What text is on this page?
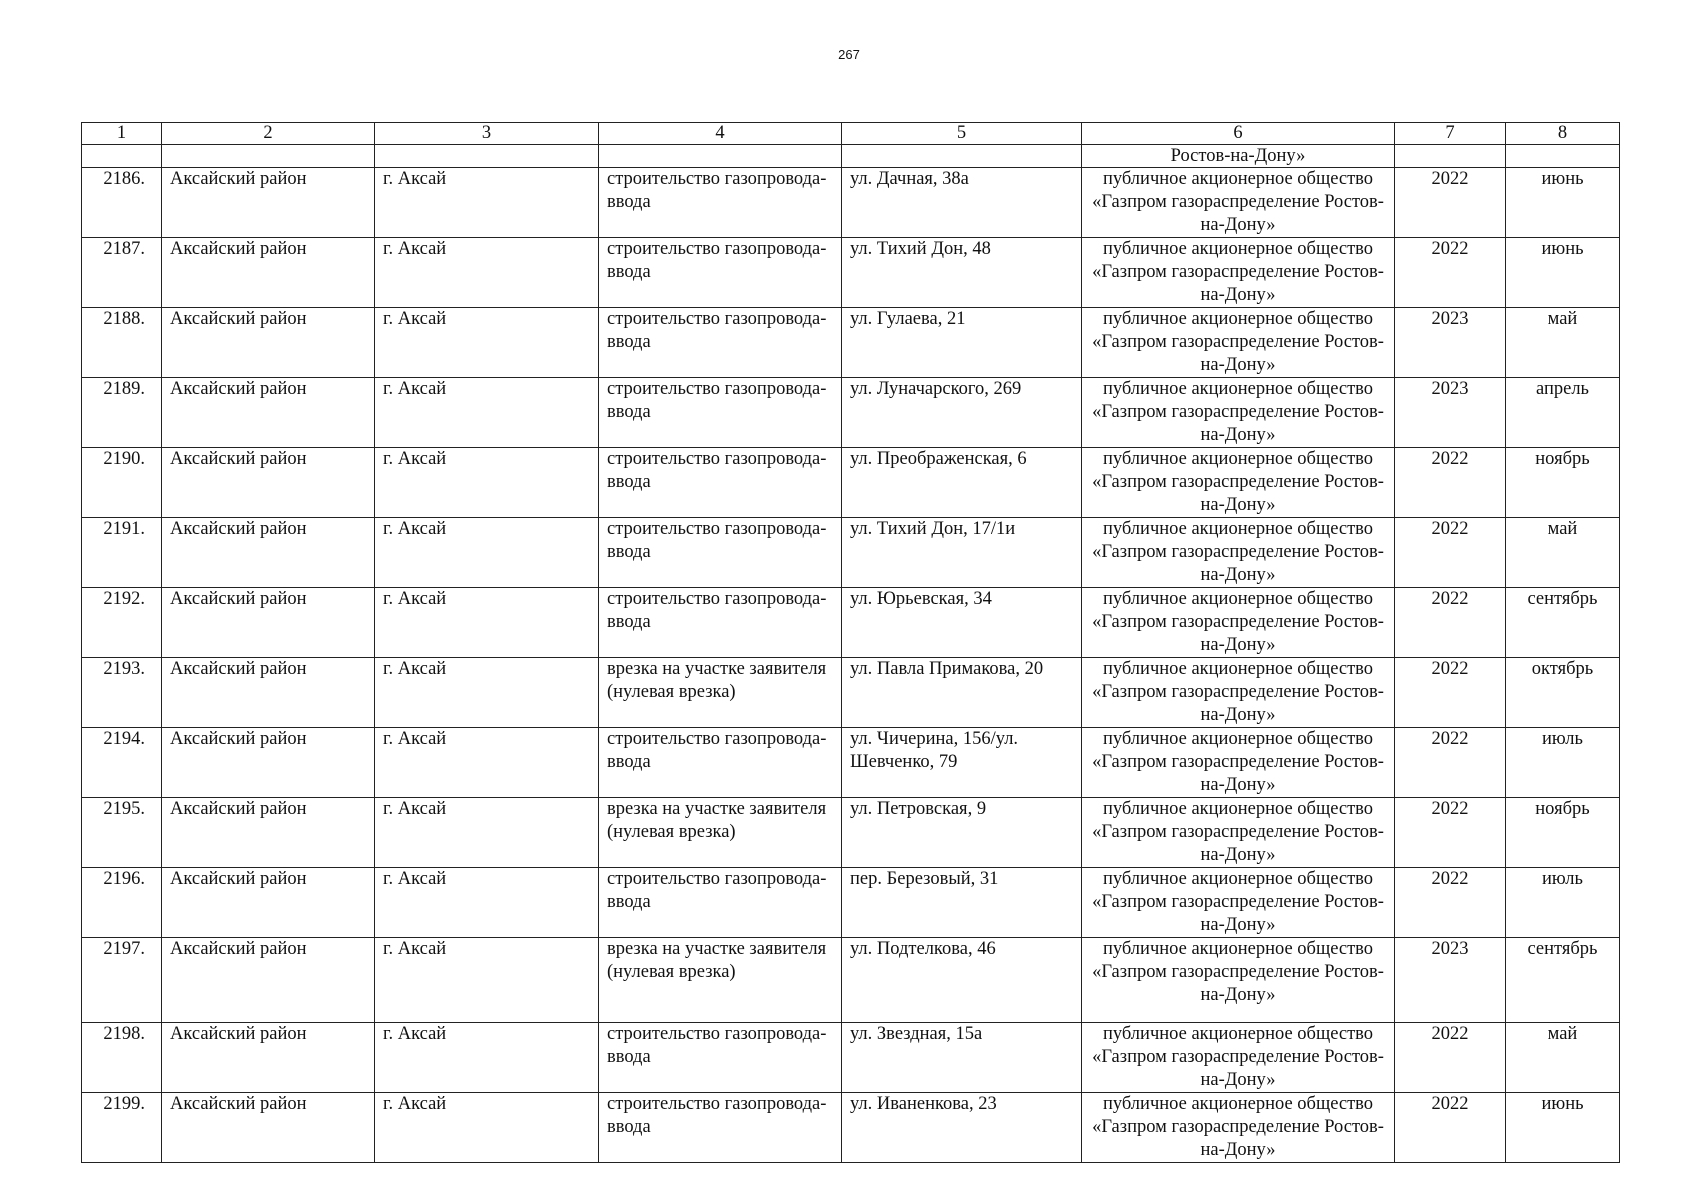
267
1	2	3	4	5	6	7	8
					Ростов-на-Дону»		
2186.	Аксайский район	г. Аксай	строительство газопровода-ввода	ул. Дачная, 38а	публичное акционерное общество «Газпром газораспределение Ростов-на-Дону»	2022	июнь
2187.	Аксайский район	г. Аксай	строительство газопровода-ввода	ул. Тихий Дон, 48	публичное акционерное общество «Газпром газораспределение Ростов-на-Дону»	2022	июнь
2188.	Аксайский район	г. Аксай	строительство газопровода-ввода	ул. Гулаева, 21	публичное акционерное общество «Газпром газораспределение Ростов-на-Дону»	2023	май
2189.	Аксайский район	г. Аксай	строительство газопровода-ввода	ул. Луначарского, 269	публичное акционерное общество «Газпром газораспределение Ростов-на-Дону»	2023	апрель
2190.	Аксайский район	г. Аксай	строительство газопровода-ввода	ул. Преображенская, 6	публичное акционерное общество «Газпром газораспределение Ростов-на-Дону»	2022	ноябрь
2191.	Аксайский район	г. Аксай	строительство газопровода-ввода	ул. Тихий Дон, 17/1и	публичное акционерное общество «Газпром газораспределение Ростов-на-Дону»	2022	май
2192.	Аксайский район	г. Аксай	строительство газопровода-ввода	ул. Юрьевская, 34	публичное акционерное общество «Газпром газораспределение Ростов-на-Дону»	2022	сентябрь
2193.	Аксайский район	г. Аксай	врезка на участке заявителя (нулевая врезка)	ул. Павла Примакова, 20	публичное акционерное общество «Газпром газораспределение Ростов-на-Дону»	2022	октябрь
2194.	Аксайский район	г. Аксай	строительство газопровода-ввода	ул. Чичерина, 156/ул. Шевченко, 79	публичное акционерное общество «Газпром газораспределение Ростов-на-Дону»	2022	июль
2195.	Аксайский район	г. Аксай	врезка на участке заявителя (нулевая врезка)	ул. Петровская, 9	публичное акционерное общество «Газпром газораспределение Ростов-на-Дону»	2022	ноябрь
2196.	Аксайский район	г. Аксай	строительство газопровода-ввода	пер. Березовый, 31	публичное акционерное общество «Газпром газораспределение Ростов-на-Дону»	2022	июль
2197.	Аксайский район	г. Аксай	врезка на участке заявителя (нулевая врезка)	ул. Подтелкова, 46	публичное акционерное общество «Газпром газораспределение Ростов-на-Дону»	2023	сентябрь
2198.	Аксайский район	г. Аксай	строительство газопровода-ввода	ул. Звездная, 15а	публичное акционерное общество «Газпром газораспределение Ростов-на-Дону»	2022	май
2199.	Аксайский район	г. Аксай	строительство газопровода-ввода	ул. Иваненкова, 23	публичное акционерное общество «Газпром газораспределение Ростов-на-Дону»	2022	июнь
